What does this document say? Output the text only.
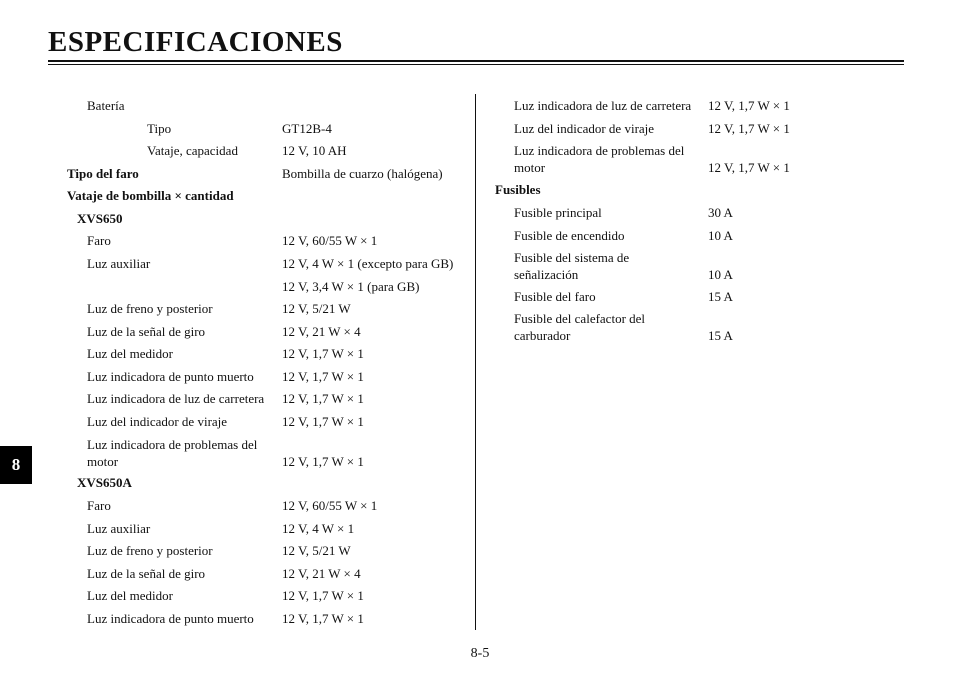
ESPECIFICACIONES
8
Batería
Tipo	GT12B-4
Vataje, capacidad	12 V, 10 AH
Tipo del faro	Bombilla de cuarzo (halógena)
Vataje de bombilla × cantidad
XVS650
Faro	12 V, 60/55 W × 1
Luz auxiliar	12 V, 4 W × 1 (excepto para GB)
12 V, 3,4 W × 1 (para GB)
Luz de freno y posterior	12 V, 5/21 W
Luz de la señal de giro	12 V, 21 W × 4
Luz del medidor	12 V, 1,7 W × 1
Luz indicadora de punto muerto 12 V, 1,7 W × 1
Luz indicadora de luz de carretera 12 V, 1,7 W × 1
Luz del indicador de viraje	12 V, 1,7 W × 1
Luz indicadora de problemas del
motor	12 V, 1,7 W × 1
XVS650A
Faro	12 V, 60/55 W × 1
Luz auxiliar	12 V, 4 W × 1
Luz de freno y posterior	12 V, 5/21 W
Luz de la señal de giro	12 V, 21 W × 4
Luz del medidor	12 V, 1,7 W × 1
Luz indicadora de punto muerto 12 V, 1,7 W × 1
Luz indicadora de luz de carretera 12 V, 1,7 W × 1
Luz del indicador de viraje	12 V, 1,7 W × 1
Luz indicadora de problemas del
motor	12 V, 1,7 W × 1
Fusibles
Fusible principal	30 A
Fusible de encendido	10 A
Fusible del sistema de
señalización	10 A
Fusible del faro	15 A
Fusible del calefactor del
carburador	15 A
8-5
